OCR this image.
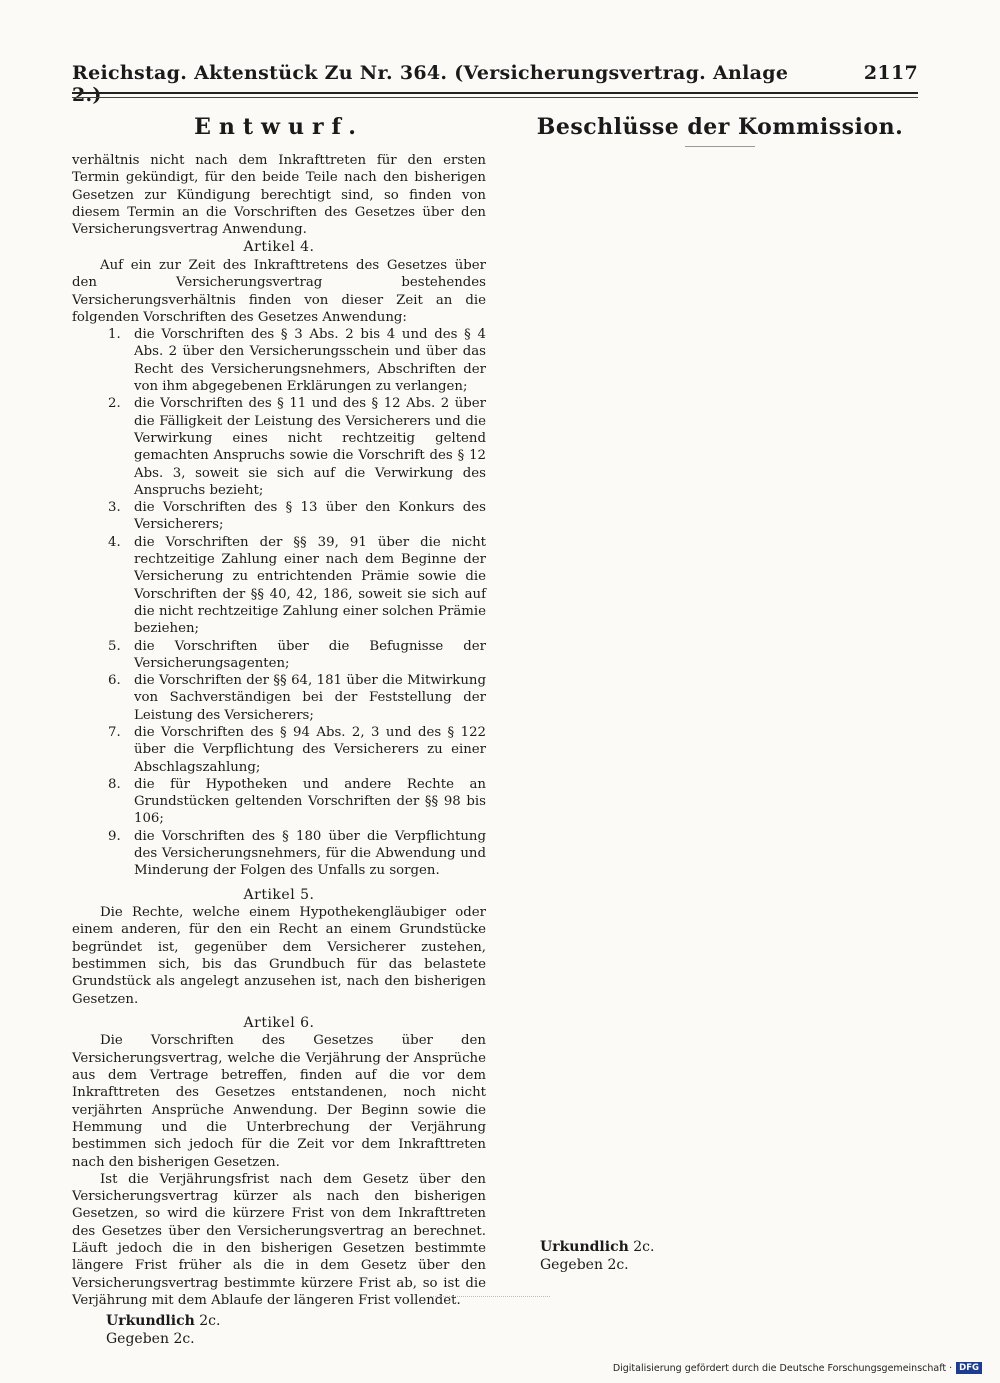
Reichstag. Aktenstück Zu Nr. 364. (Versicherungsvertrag. Anlage 2.)
2117
Entwurf.

verhältnis nicht nach dem Inkrafttreten für den ersten Termin gekündigt, für den beide Teile nach den bisherigen Gesetzen zur Kündigung berechtigt sind, so finden von diesem Termin an die Vorschriften des Gesetzes über den Versicherungsvertrag Anwendung.

Artikel 4.

Auf ein zur Zeit des Inkrafttretens des Gesetzes über den Versicherungsvertrag bestehendes Versicherungsverhältnis finden von dieser Zeit an die folgenden Vorschriften des Gesetzes Anwendung:

1. die Vorschriften des § 3 Abs. 2 bis 4 und des § 4 Abs. 2 über den Versicherungsschein und über das Recht des Versicherungsnehmers, Abschriften der von ihm abgegebenen Erklärungen zu verlangen;
2. die Vorschriften des § 11 und des § 12 Abs. 2 über die Fälligkeit der Leistung des Versicherers und die Verwirkung eines nicht rechtzeitig geltend gemachten Anspruchs sowie die Vorschrift des § 12 Abs. 3, soweit sie sich auf die Verwirkung des Anspruchs bezieht;
3. die Vorschriften des § 13 über den Konkurs des Versicherers;
4. die Vorschriften der §§ 39, 91 über die nicht rechtzeitige Zahlung einer nach dem Beginne der Versicherung zu entrichtenden Prämie sowie die Vorschriften der §§ 40, 42, 186, soweit sie sich auf die nicht rechtzeitige Zahlung einer solchen Prämie beziehen;
5. die Vorschriften über die Befugnisse der Versicherungsagenten;
6. die Vorschriften der §§ 64, 181 über die Mitwirkung von Sachverständigen bei der Feststellung der Leistung des Versicherers;
7. die Vorschriften des § 94 Abs. 2, 3 und des § 122 über die Verpflichtung des Versicherers zu einer Abschlagszahlung;
8. die für Hypotheken und andere Rechte an Grundstücken geltenden Vorschriften der §§ 98 bis 106;
9. die Vorschriften des § 180 über die Verpflichtung des Versicherungsnehmers, für die Abwendung und Minderung der Folgen des Unfalls zu sorgen.
Artikel 5.

Die Rechte, welche einem Hypothekengläubiger oder einem anderen, für den ein Recht an einem Grundstücke begründet ist, gegenüber dem Versicherer zustehen, bestimmen sich, bis das Grundbuch für das belastete Grundstück als angelegt anzusehen ist, nach den bisherigen Gesetzen.

Artikel 6.

Die Vorschriften des Gesetzes über den Versicherungsvertrag, welche die Verjährung der Ansprüche aus dem Vertrage betreffen, finden auf die vor dem Inkrafttreten des Gesetzes entstandenen, noch nicht verjährten Ansprüche Anwendung. Der Beginn sowie die Hemmung und die Unterbrechung der Verjährung bestimmen sich jedoch für die Zeit vor dem Inkrafttreten nach den bisherigen Gesetzen.

Ist die Verjährungsfrist nach dem Gesetz über den Versicherungsvertrag kürzer als nach den bisherigen Gesetzen, so wird die kürzere Frist von dem Inkrafttreten des Gesetzes über den Versicherungsvertrag an berechnet. Läuft jedoch die in den bisherigen Gesetzen bestimmte längere Frist früher als die in dem Gesetz über den Versicherungsvertrag bestimmte kürzere Frist ab, so ist die Verjährung mit dem Ablaufe der längeren Frist vollendet.

Urkundlich 2c.
Gegeben 2c.
Beschlüsse der Kommission.
Urkundlich 2c.
Gegeben 2c.
Digitalisierung gefördert durch die Deutsche Forschungsgemeinschaft · DFG
